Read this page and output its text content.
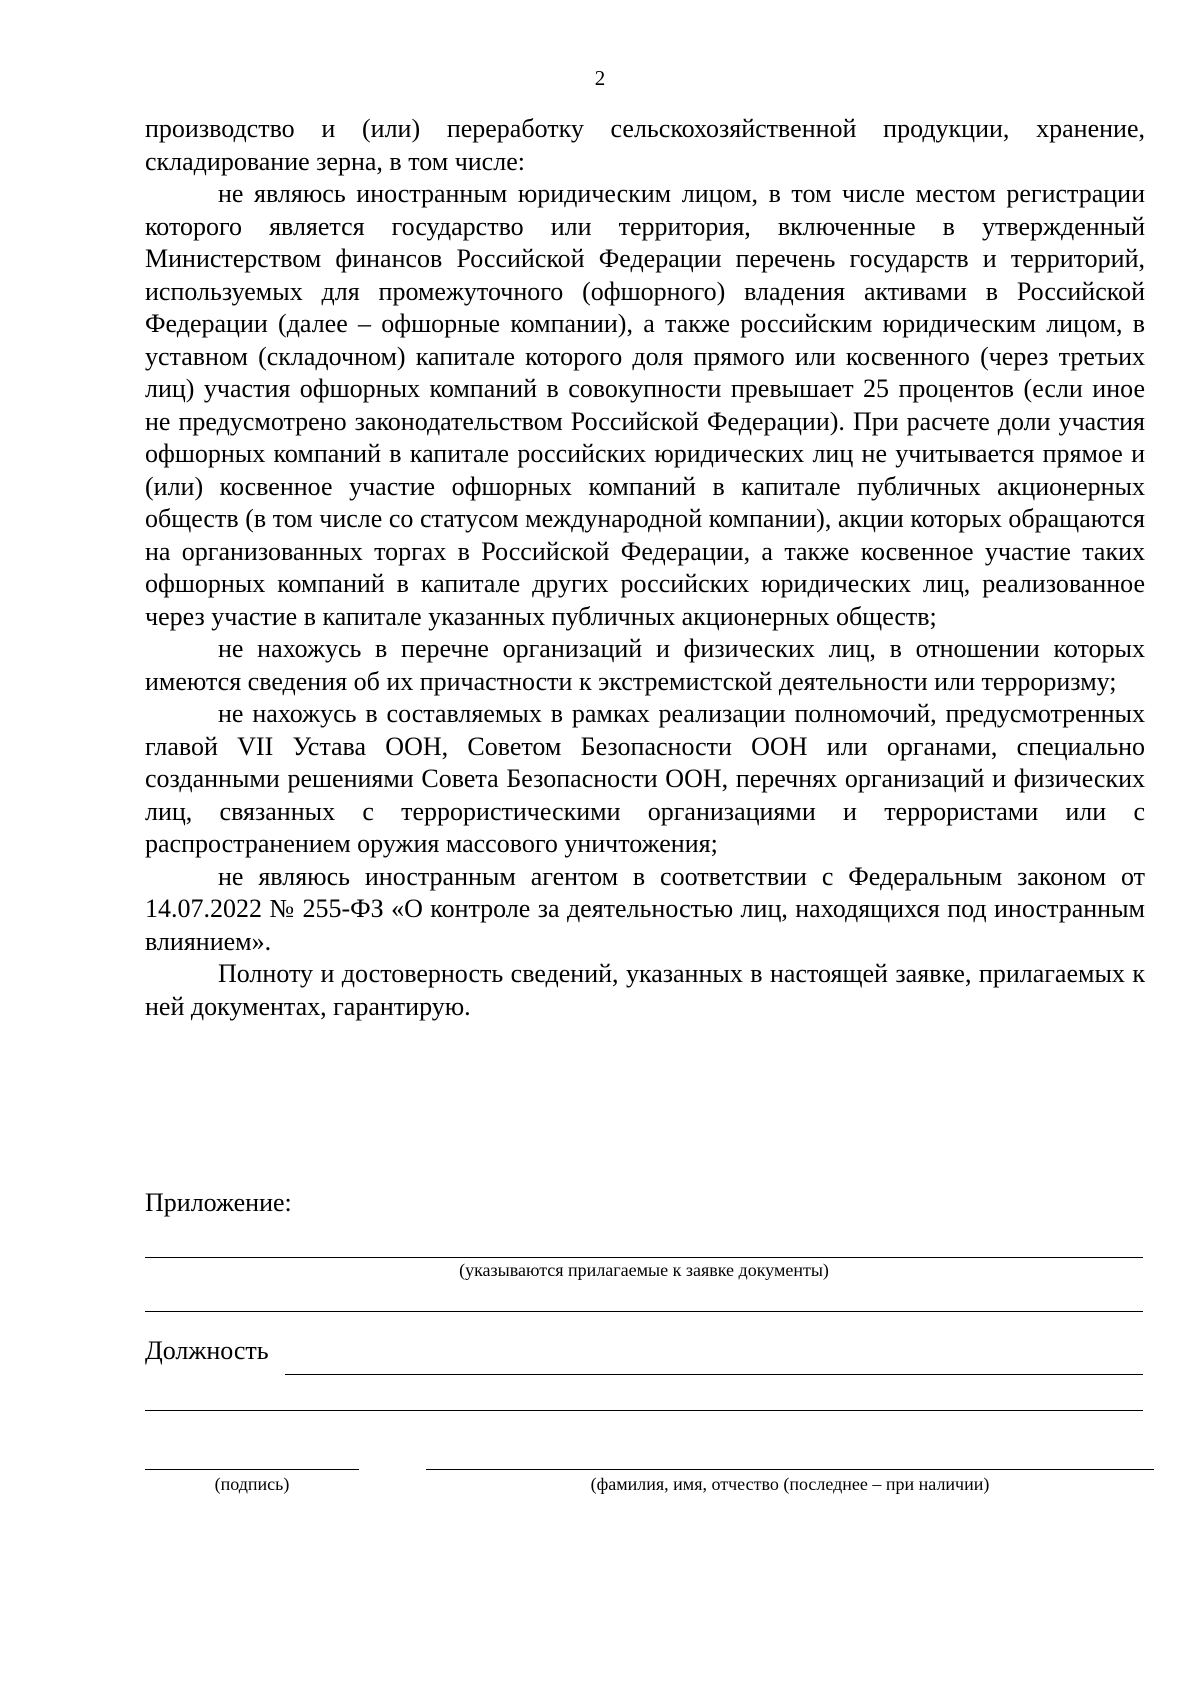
2

производство и (или) переработку сельскохозяйственной продукции, хранение, складирование зерна, в том числе:

не являюсь иностранным юридическим лицом, в том числе местом регистрации которого является государство или территория, включенные в утвержденный Министерством финансов Российской Федерации перечень государств и территорий, используемых для промежуточного (офшорного) владения активами в Российской Федерации (далее – офшорные компании), а также российским юридическим лицом, в уставном (складочном) капитале которого доля прямого или косвенного (через третьих лиц) участия офшорных компаний в совокупности превышает 25 процентов (если иное не предусмотрено законодательством Российской Федерации). При расчете доли участия офшорных компаний в капитале российских юридических лиц не учитывается прямое и (или) косвенное участие офшорных компаний в капитале публичных акционерных обществ (в том числе со статусом международной компании), акции которых обращаются на организованных торгах в Российской Федерации, а также косвенное участие таких офшорных компаний в капитале других российских юридических лиц, реализованное через участие в капитале указанных публичных акционерных обществ;

не нахожусь в перечне организаций и физических лиц, в отношении которых имеются сведения об их причастности к экстремистской деятельности или терроризму;

не нахожусь в составляемых в рамках реализации полномочий, предусмотренных главой VII Устава ООН, Советом Безопасности ООН или органами, специально созданными решениями Совета Безопасности ООН, перечнях организаций и физических лиц, связанных с террористическими организациями и террористами или с распространением оружия массового уничтожения;

не являюсь иностранным агентом в соответствии с Федеральным законом от 14.07.2022 № 255-ФЗ «О контроле за деятельностью лиц, находящихся под иностранным влиянием».

Полноту и достоверность сведений, указанных в настоящей заявке, прилагаемых к ней документах, гарантирую.

Приложение:
(указываются прилагаемые к заявке документы)
Должность
(подпись)	(фамилия, имя, отчество (последнее – при наличии)
